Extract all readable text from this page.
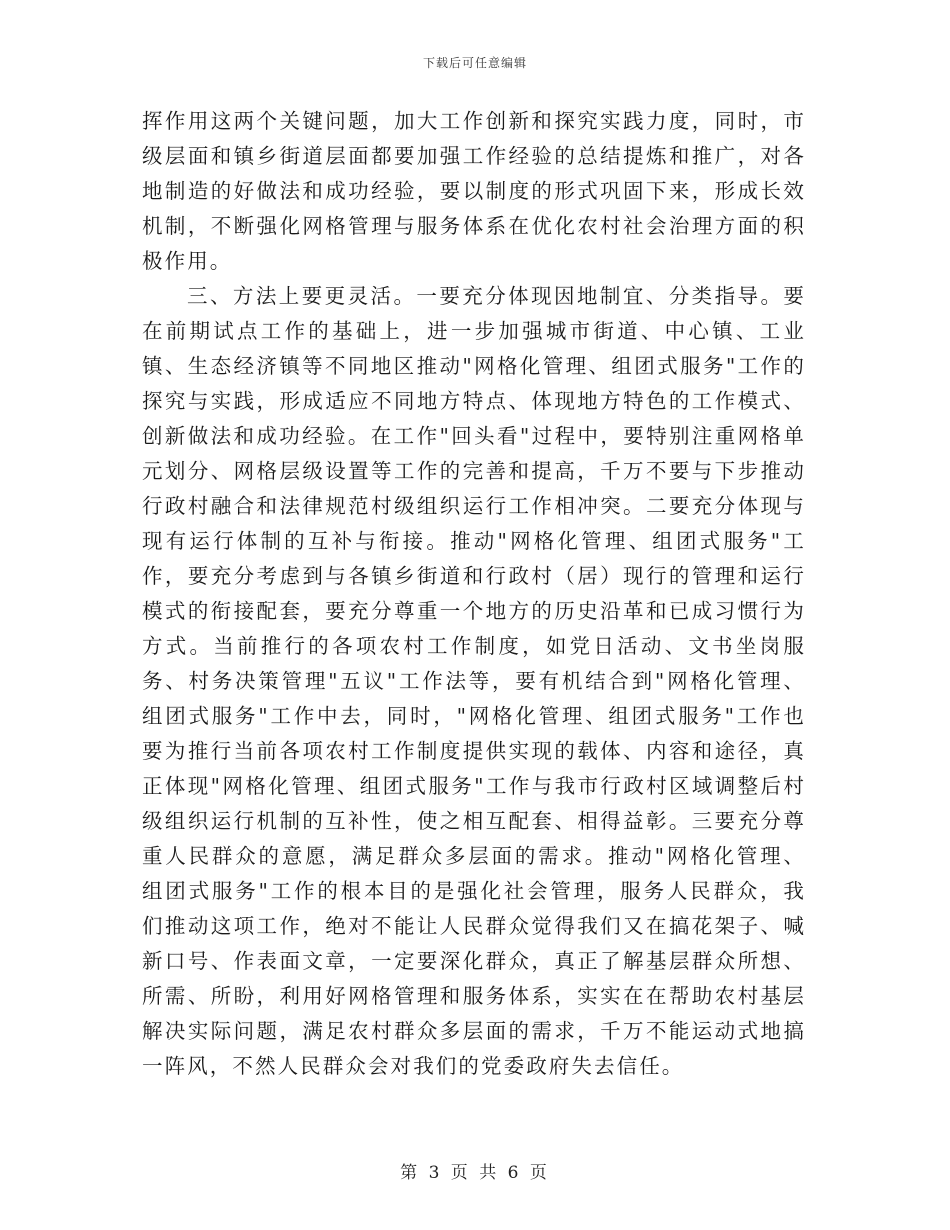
下载后可任意编辑

挥作用这两个关键问题，加大工作创新和探究实践力度，同时，市级层面和镇乡街道层面都要加强工作经验的总结提炼和推广，对各地制造的好做法和成功经验，要以制度的形式巩固下来，形成长效机制，不断强化网格管理与服务体系在优化农村社会治理方面的积极作用。

三、方法上要更灵活。一要充分体现因地制宜、分类指导。要在前期试点工作的基础上，进一步加强城市街道、中心镇、工业镇、生态经济镇等不同地区推动"网格化管理、组团式服务"工作的探究与实践，形成适应不同地方特点、体现地方特色的工作模式、创新做法和成功经验。在工作"回头看"过程中，要特别注重网格单元划分、网格层级设置等工作的完善和提高，千万不要与下步推动行政村融合和法律规范村级组织运行工作相冲突。二要充分体现与现有运行体制的互补与衔接。推动"网格化管理、组团式服务"工作，要充分考虑到与各镇乡街道和行政村（居）现行的管理和运行模式的衔接配套，要充分尊重一个地方的历史沿革和已成习惯行为方式。当前推行的各项农村工作制度，如党日活动、文书坐岗服务、村务决策管理"五议"工作法等，要有机结合到"网格化管理、组团式服务"工作中去，同时，"网格化管理、组团式服务"工作也要为推行当前各项农村工作制度提供实现的载体、内容和途径，真正体现"网格化管理、组团式服务"工作与我市行政村区域调整后村级组织运行机制的互补性，使之相互配套、相得益彰。三要充分尊重人民群众的意愿，满足群众多层面的需求。推动"网格化管理、组团式服务"工作的根本目的是强化社会管理，服务人民群众，我们推动这项工作，绝对不能让人民群众觉得我们又在搞花架子、喊新口号、作表面文章，一定要深化群众，真正了解基层群众所想、所需、所盼，利用好网格管理和服务体系，实实在在帮助农村基层解决实际问题，满足农村群众多层面的需求，千万不能运动式地搞一阵风，不然人民群众会对我们的党委政府失去信任。

第 3 页 共 6 页
